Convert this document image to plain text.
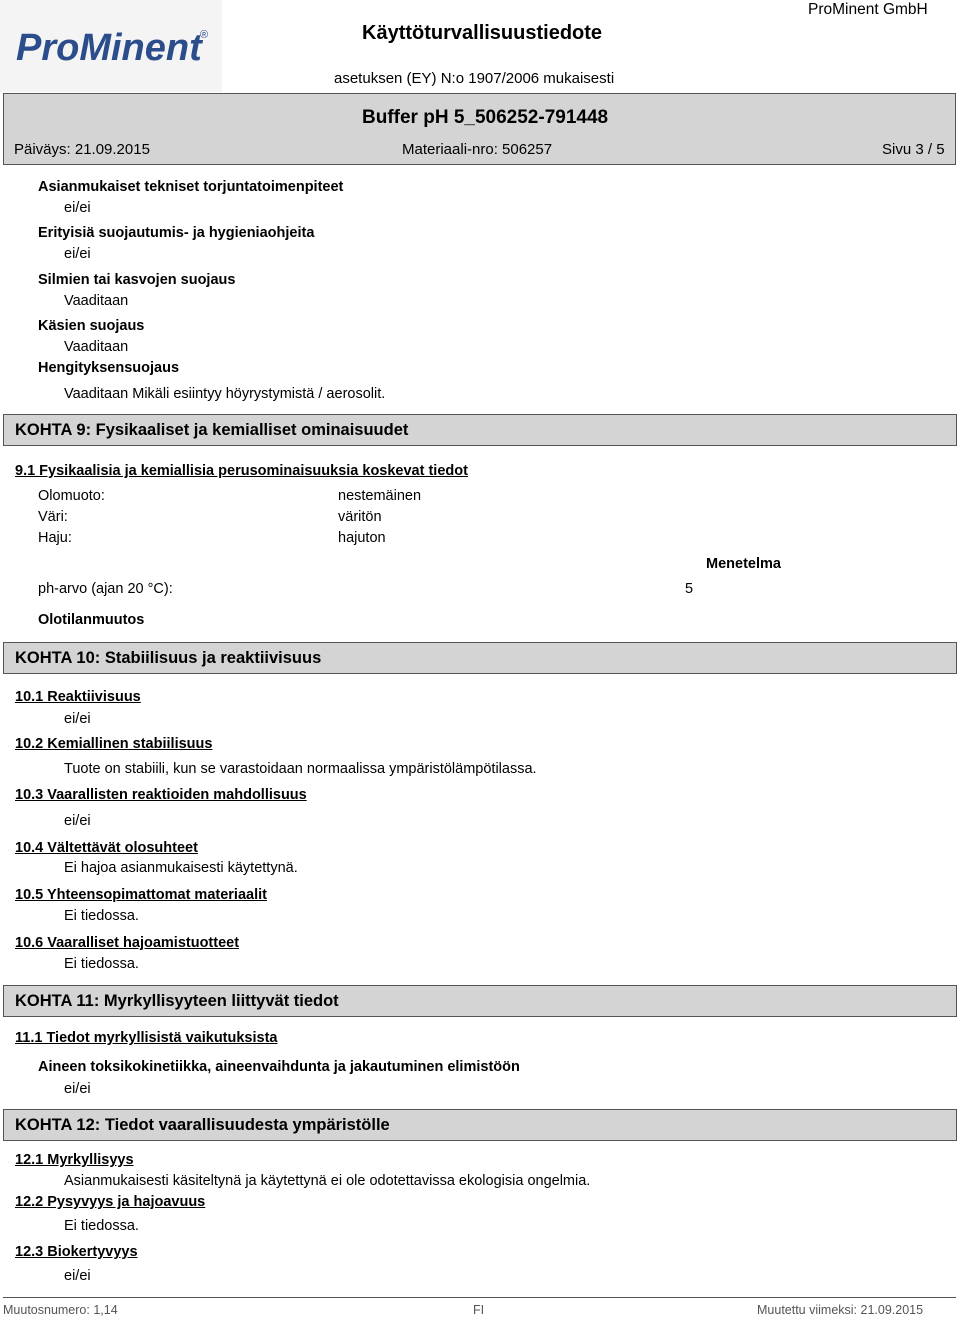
ProMinent
®	Käyttöturvallisuustiedote
asetuksen (EY) N:o 1907/2006 mukaisesti
ProMinent GmbH
Buffer pH 5_506252-791448
Päiväys: 21.09.2015	Materiaali-nro: 506257	Sivu 3 / 5
Asianmukaiset tekniset torjuntatoimenpiteet
ei/ei
Erityisiä suojautumis- ja hygieniaohjeita
ei/ei
Silmien tai kasvojen suojaus
Vaaditaan
Käsien suojaus
Vaaditaan
Hengityksensuojaus
Vaaditaan Mikäli esiintyy höyrystymistä / aerosolit.
KOHTA 9: Fysikaaliset ja kemialliset ominaisuudet
9.1 Fysikaalisia ja kemiallisia perusominaisuuksia koskevat tiedot
Olomuoto:	nestemäinen
Väri:	väritön
Haju:	hajuton
Menetelma
ph-arvo (ajan 20 °C):	5
Olotilanmuutos
KOHTA 10: Stabiilisuus ja reaktiivisuus
10.1 Reaktiivisuus
ei/ei
10.2 Kemiallinen stabiilisuus
Tuote on stabiili, kun se varastoidaan normaalissa ympäristölämpötilassa.
10.3 Vaarallisten reaktioiden mahdollisuus
ei/ei
10.4 Vältettävät olosuhteet
Ei hajoa asianmukaisesti käytettynä.
10.5 Yhteensopimattomat materiaalit
Ei tiedossa.
10.6 Vaaralliset hajoamistuotteet
Ei tiedossa.
KOHTA 11: Myrkyllisyyteen liittyvät tiedot
11.1 Tiedot myrkyllisistä vaikutuksista
Aineen toksikokinetiikka, aineenvaihdunta ja jakautuminen elimistöön
ei/ei
KOHTA 12: Tiedot vaarallisuudesta ympäristölle
12.1 Myrkyllisyys
Asianmukaisesti käsiteltynä ja käytettynä ei ole odotettavissa ekologisia ongelmia.
12.2 Pysyvyys ja hajoavuus
Ei tiedossa.
12.3 Biokertyvyys
ei/ei
Muutosnumero: 1,14	FI	Muutettu viimeksi: 21.09.2015
